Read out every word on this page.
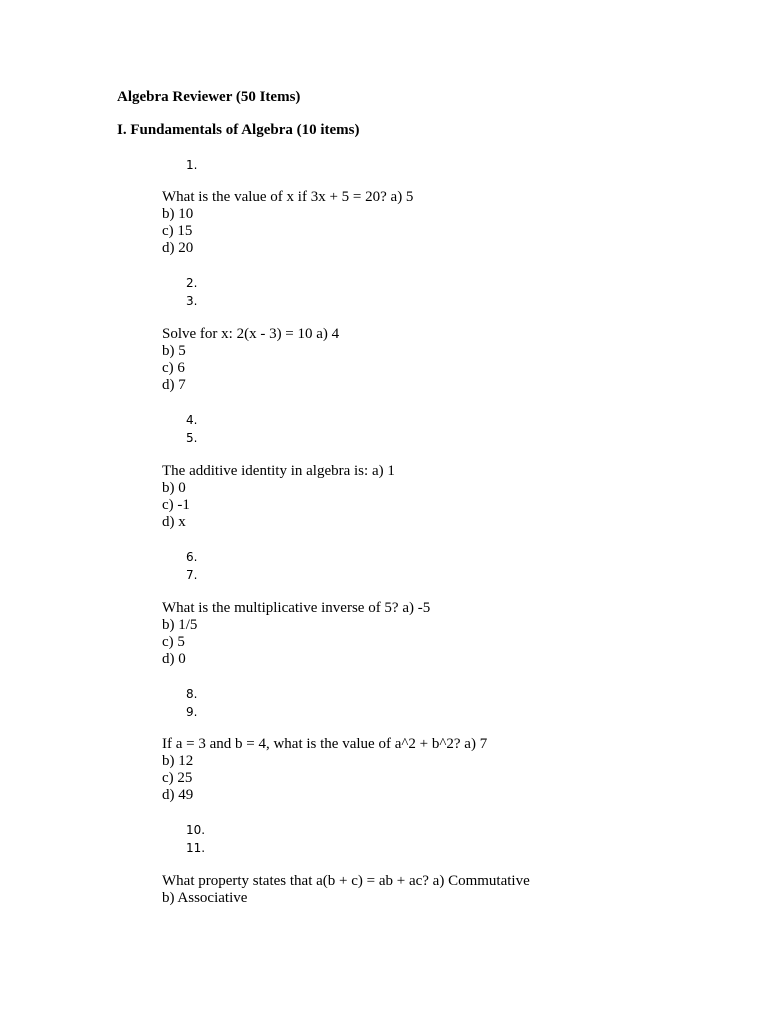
Algebra Reviewer (50 Items)
I. Fundamentals of Algebra (10 items)
1.
2.
3.
4.
5.
6.
7.
8.
9.
10.
11.
What is the value of x if 3x + 5 = 20? a) 5
b) 10
c) 15
d) 20
Solve for x: 2(x - 3) = 10 a) 4
b) 5
c) 6
d) 7
The additive identity in algebra is: a) 1
b) 0
c) -1
d) x
What is the multiplicative inverse of 5? a) -5
b) 1/5
c) 5
d) 0
If a = 3 and b = 4, what is the value of a^2 + b^2? a) 7
b) 12
c) 25
d) 49
What property states that a(b + c) = ab + ac? a) Commutative
b) Associative
